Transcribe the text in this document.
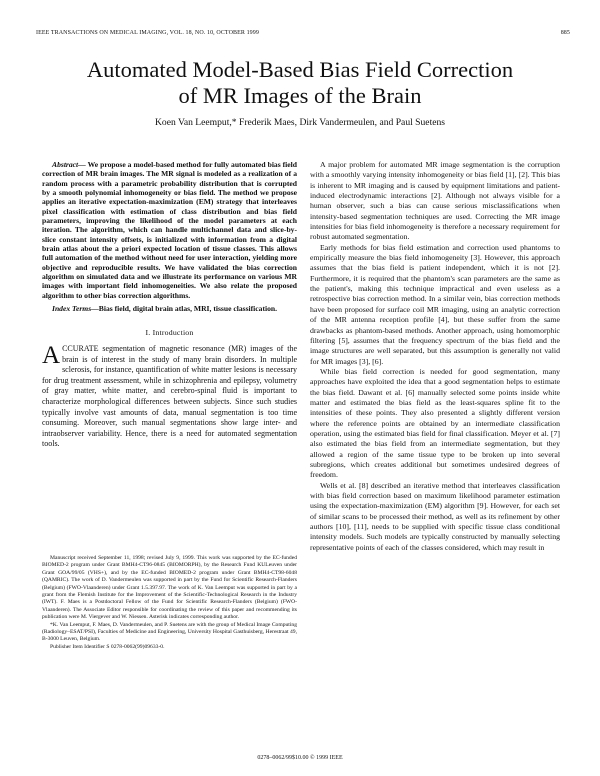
IEEE TRANSACTIONS ON MEDICAL IMAGING, VOL. 18, NO. 10, OCTOBER 1999	885
Automated Model-Based Bias Field Correction
of MR Images of the Brain
Koen Van Leemput,* Frederik Maes, Dirk Vandermeulen, and Paul Suetens

Abstract— We propose a model-based method for fully automated bias field correction of MR brain images. The MR signal is modeled as a realization of a random process with a parametric probability distribution that is corrupted by a smooth polynomial inhomogeneity or bias field. The method we propose applies an iterative expectation-maximization (EM) strategy that interleaves pixel classification with estimation of class distribution and bias field parameters, improving the likelihood of the model parameters at each iteration. The algorithm, which can handle multichannel data and slice-by-slice constant intensity offsets, is initialized with information from a digital brain atlas about the a priori expected location of tissue classes. This allows full automation of the method without need for user interaction, yielding more objective and reproducible results. We have validated the bias correction algorithm on simulated data and we illustrate its performance on various MR images with important field inhomogeneities. We also relate the proposed algorithm to other bias correction algorithms.

Index Terms—Bias field, digital brain atlas, MRI, tissue classification.

I. Introduction

ACCURATE segmentation of magnetic resonance (MR) images of the brain is of interest in the study of many brain disorders. In multiple sclerosis, for instance, quantification of white matter lesions is necessary for drug treatment assessment, while in schizophrenia and epilepsy, volumetry of gray matter, white matter, and cerebro-spinal fluid is important to characterize morphological differences between subjects. Since such studies typically involve vast amounts of data, manual segmentation is too time consuming. Moreover, such manual segmentations show large inter- and intraobserver variability. Hence, there is a need for automated segmentation tools.

Manuscript received September 11, 1998; revised July 9, 1999. This work was supported by the EC-funded BIOMED-2 program under Grant BMH4-CT96-0845 (BIOMORPH), by the Research Fund KULeuven under Grant GOA/99/05 (VHS+), and by the EC-funded BIOMED-2 program under Grant BMH4-CT98-6048 (QAMRIC). The work of D. Vandermeulen was supported in part by the Fund for Scientific Research-Flanders (Belgium) (FWO-Vlaanderen) under Grant 1.5.397.97. The work of K. Van Leemput was supported in part by a grant from the Flemish Institute for the Improvement of the Scientific-Technological Research in the Industry (IWT). F. Maes is a Postdoctoral Fellow of the Fund for Scientific Research-Flanders (Belgium) (FWO-Vlaanderen). The Associate Editor responsible for coordinating the review of this paper and recommending its publication were M. Viergever and W. Niessen. Asterisk indicates corresponding author.

*K. Van Leemput, F. Maes, D. Vandermeulen, and P. Suetens are with the group of Medical Image Computing (Radiology–ESAT/PSI), Faculties of Medicine and Engineering, University Hospital Gasthuisberg, Herestraat 49, B-3000 Leuven, Belgium.

Publisher Item Identifier S 0278-0062(99)09633-0.

A major problem for automated MR image segmentation is the corruption with a smoothly varying intensity inhomogeneity or bias field [1], [2]. This bias is inherent to MR imaging and is caused by equipment limitations and patient-induced electrodynamic interactions [2]. Although not always visible for a human observer, such a bias can cause serious misclassifications when intensity-based segmentation techniques are used. Correcting the MR image intensities for bias field inhomogeneity is therefore a necessary requirement for robust automated segmentation.

Early methods for bias field estimation and correction used phantoms to empirically measure the bias field inhomogeneity [3]. However, this approach assumes that the bias field is patient independent, which it is not [2]. Furthermore, it is required that the phantom's scan parameters are the same as the patient's, making this technique impractical and even useless as a retrospective bias correction method. In a similar vein, bias correction methods have been proposed for surface coil MR imaging, using an analytic correction of the MR antenna reception profile [4], but these suffer from the same drawbacks as phantom-based methods. Another approach, using homomorphic filtering [5], assumes that the frequency spectrum of the bias field and the image structures are well separated, but this assumption is generally not valid for MR images [3], [6].

While bias field correction is needed for good segmentation, many approaches have exploited the idea that a good segmentation helps to estimate the bias field. Dawant et al. [6] manually selected some points inside white matter and estimated the bias field as the least-squares spline fit to the intensities of these points. They also presented a slightly different version where the reference points are obtained by an intermediate classification operation, using the estimated bias field for final classification. Meyer et al. [7] also estimated the bias field from an intermediate segmentation, but they allowed a region of the same tissue type to be broken up into several subregions, which creates additional but sometimes undesired degrees of freedom.

Wells et al. [8] described an iterative method that interleaves classification with bias field correction based on maximum likelihood parameter estimation using the expectation-maximization (EM) algorithm [9]. However, for each set of similar scans to be processed their method, as well as its refinement by other authors [10], [11], needs to be supplied with specific tissue class conditional intensity models. Such models are typically constructed by manually selecting representative points of each of the classes considered, which may result in

0278–0062/99$10.00 © 1999 IEEE
